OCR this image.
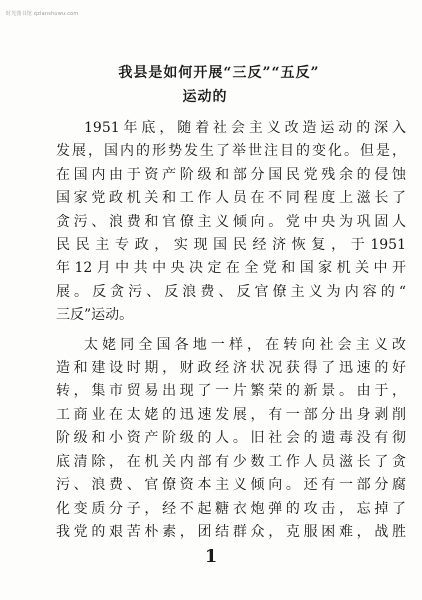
时光图书馆 qzlanshuwu.com
我县是如何开展“三反”“五反”
运动的
1951年底，随着社会主义改造运动的深入
发展，国内的形势发生了举世注目的变化。但是，
在国内由于资产阶级和部分国民党残余的侵蚀
国家党政机关和工作人员在不同程度上滋长了
贪污、浪费和官僚主义倾向。党中央为巩固人
民民主专政，实现国民经济恢复，于1951
年12月中共中央决定在全党和国家机关中开
展。反贪污、反浪费、反官僚主义为内容的“
三反”运动。
太姥同全国各地一样，在转向社会主义改
造和建设时期，财政经济状况获得了迅速的好
转，集市贸易出现了一片繁荣的新景。由于，
工商业在太姥的迅速发展，有一部分出身剥削
阶级和小资产阶级的人。旧社会的遗毒没有彻
底清除，在机关内部有少数工作人员滋长了贪
污、浪费、官僚资本主义倾向。还有一部分腐
化变质分子，经不起糖衣炮弹的攻击，忘掉了
我党的艰苦朴素，团结群众，克服困难，战胜
1
